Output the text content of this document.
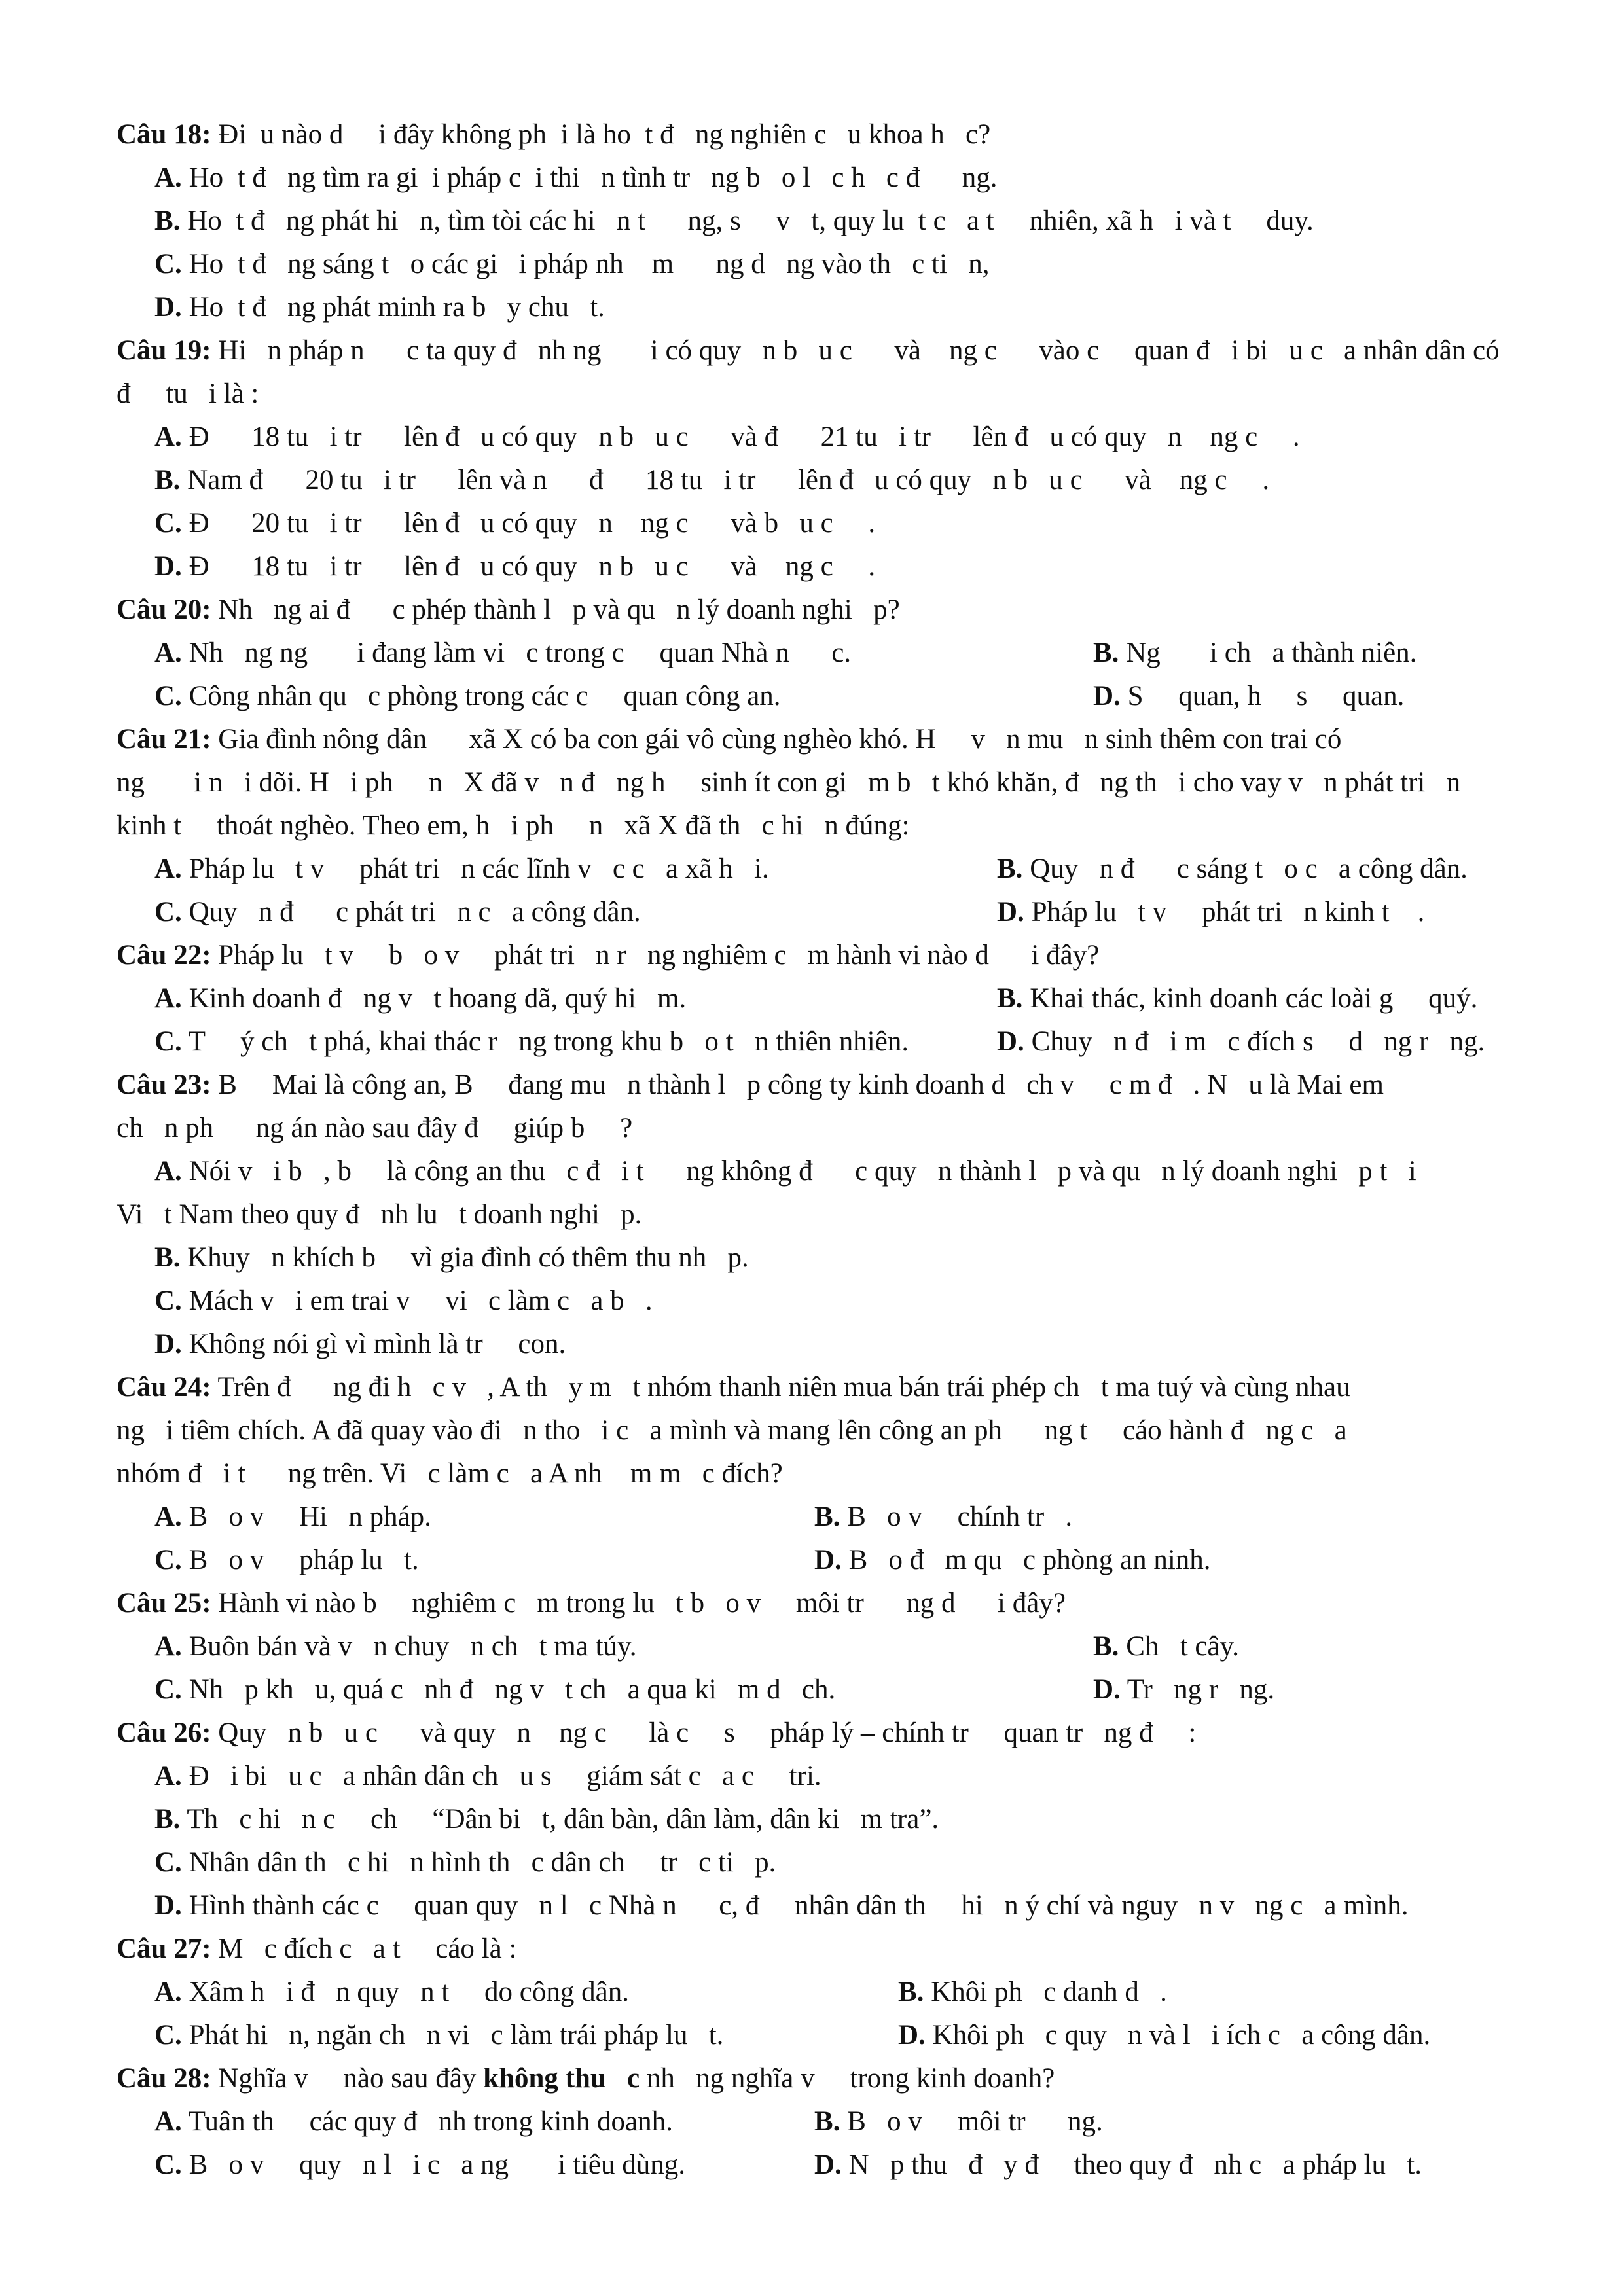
Câu 18: Đi  u nào d     i đây không ph  i là ho  t đ   ng nghiên c   u khoa h   c?
A. Ho  t đ   ng tìm ra gi  i pháp c  i thi   n tình tr   ng b   o l   c h   c đ      ng.
B. Ho  t đ   ng phát hi   n, tìm tòi các hi   n t      ng, s     v   t, quy lu  t c   a t     nhiên, xã h   i và t     duy.
C. Ho  t đ   ng sáng t   o các gi   i pháp nh    m      ng d   ng vào th   c ti   n,
D. Ho  t đ   ng phát minh ra b   y chu   t.
Câu 19: Hi   n pháp n      c ta quy đ   nh ng       i có quy   n b   u c      và    ng c      vào c     quan đ   i bi   u c   a nhân dân có
đ     tu   i là :
A. Đ      18 tu   i tr      lên đ   u có quy   n b   u c      và đ      21 tu   i tr      lên đ   u có quy   n    ng c     .
B. Nam đ      20 tu   i tr      lên và n      đ      18 tu   i tr      lên đ   u có quy   n b   u c      và    ng c     .
C. Đ      20 tu   i tr      lên đ   u có quy   n    ng c      và b   u c     .
D. Đ      18 tu   i tr      lên đ   u có quy   n b   u c      và    ng c     .
Câu 20: Nh   ng ai đ      c phép thành l   p và qu   n lý doanh nghi   p?
A. Nh   ng ng       i đang làm vi   c trong c     quan Nhà n      c.	B. Ng       i ch   a thành niên.
C. Công nhân qu   c phòng trong các c     quan công an.	D. S     quan, h     s     quan.
Câu 21: Gia đình nông dân      xã X có ba con gái vô cùng nghèo khó. H     v   n mu   n sinh thêm con trai có
ng       i n   i dõi. H   i ph     n   X đã v   n đ   ng h     sinh ít con gi   m b   t khó khăn, đ   ng th   i cho vay v   n phát tri   n
kinh t     thoát nghèo. Theo em, h   i ph     n   xã X đã th   c hi   n đúng:
A. Pháp lu   t v     phát tri   n các lĩnh v   c c   a xã h   i.	B. Quy   n đ      c sáng t   o c   a công dân.
C. Quy   n đ      c phát tri   n c   a công dân.	D. Pháp lu   t v     phát tri   n kinh t    .
Câu 22: Pháp lu   t v     b   o v     phát tri   n r   ng nghiêm c   m hành vi nào d      i đây?
A. Kinh doanh đ   ng v   t hoang dã, quý hi   m.	B. Khai thác, kinh doanh các loài g     quý.
C. T     ý ch   t phá, khai thác r   ng trong khu b   o t   n thiên nhiên.	D. Chuy   n đ   i m   c đích s     d   ng r   ng.
Câu 23: B     Mai là công an, B     đang mu   n thành l   p công ty kinh doanh d   ch v     c m đ   . N   u là Mai em
ch   n ph      ng án nào sau đây đ     giúp b     ?
A. Nói v   i b   , b     là công an thu   c đ   i t      ng không đ      c quy   n thành l   p và qu   n lý doanh nghi   p t   i
Vi   t Nam theo quy đ   nh lu   t doanh nghi   p.
B. Khuy   n khích b     vì gia đình có thêm thu nh   p.
C. Mách v   i em trai v     vi   c làm c   a b   .
D. Không nói gì vì mình là tr     con.
Câu 24: Trên đ      ng đi h   c v   , A th   y m   t nhóm thanh niên mua bán trái phép ch   t ma tuý và cùng nhau
ng   i tiêm chích. A đã quay vào đi   n tho   i c   a mình và mang lên công an ph      ng t     cáo hành đ   ng c   a
nhóm đ   i t      ng trên. Vi   c làm c   a A nh    m m   c đích?
A. B   o v     Hi   n pháp.	B. B   o v     chính tr   .
C. B   o v     pháp lu   t.	D. B   o đ   m qu   c phòng an ninh.
Câu 25: Hành vi nào b     nghiêm c   m trong lu   t b   o v     môi tr      ng d      i đây?
A. Buôn bán và v   n chuy   n ch   t ma túy.	B. Ch   t cây.
C. Nh   p kh   u, quá c   nh đ   ng v   t ch   a qua ki   m d   ch.	D. Tr   ng r   ng.
Câu 26: Quy   n b   u c      và quy   n    ng c      là c     s     pháp lý – chính tr     quan tr   ng đ     :
A. Đ   i bi   u c   a nhân dân ch   u s     giám sát c   a c     tri.
B. Th   c hi   n c     ch     “Dân bi   t, dân bàn, dân làm, dân ki   m tra”.
C. Nhân dân th   c hi   n hình th   c dân ch     tr   c ti   p.
D. Hình thành các c     quan quy   n l   c Nhà n      c, đ     nhân dân th     hi   n ý chí và nguy   n v   ng c   a mình.
Câu 27: M   c đích c   a t     cáo là :
A. Xâm h   i đ   n quy   n t     do công dân.	B. Khôi ph   c danh d   .
C. Phát hi   n, ngăn ch   n vi   c làm trái pháp lu   t.	D. Khôi ph   c quy   n và l   i ích c   a công dân.
Câu 28: Nghĩa v     nào sau đây không thu   c nh   ng nghĩa v     trong kinh doanh?
A. Tuân th     các quy đ   nh trong kinh doanh.	B. B   o v     môi tr      ng.
C. B   o v     quy   n l   i c   a ng       i tiêu dùng.	D. N   p thu   đ   y đ     theo quy đ   nh c   a pháp lu   t.
